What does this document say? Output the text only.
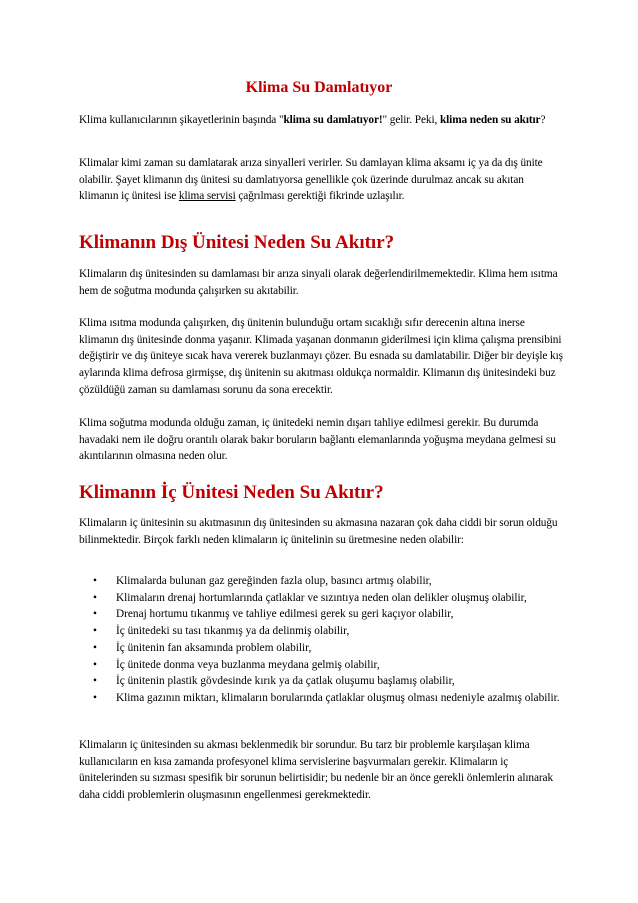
Klima Su Damlatıyor

Klima kullanıcılarının şikayetlerinin başında "klima su damlatıyor!" gelir. Peki, klima neden su akıtır?

Klimalar kimi zaman su damlatarak arıza sinyalleri verirler. Su damlayan klima aksamı iç ya da dış ünite olabilir. Şayet klimanın dış ünitesi su damlatıyorsa genellikle çok üzerinde durulmaz ancak su akıtan klimanın iç ünitesi ise klima servisi çağrılması gerektiği fikrinde uzlaşılır.

Klimanın Dış Ünitesi Neden Su Akıtır?

Klimaların dış ünitesinden su damlaması bir arıza sinyali olarak değerlendirilmemektedir. Klima hem ısıtma hem de soğutma modunda çalışırken su akıtabilir.

Klima ısıtma modunda çalışırken, dış ünitenin bulunduğu ortam sıcaklığı sıfır derecenin altına inerse klimanın dış ünitesinde donma yaşanır. Klimada yaşanan donmanın giderilmesi için klima çalışma prensibini değiştirir ve dış üniteye sıcak hava vererek buzlanmayı çözer. Bu esnada su damlatabilir. Diğer bir deyişle kış aylarında klima defrosa girmişse, dış ünitenin su akıtması oldukça normaldir. Klimanın dış ünitesindeki buz çözüldüğü zaman su damlaması sorunu da sona erecektir.

Klima soğutma modunda olduğu zaman, iç ünitedeki nemin dışarı tahliye edilmesi gerekir. Bu durumda havadaki nem ile doğru orantılı olarak bakır boruların bağlantı elemanlarında yoğuşma meydana gelmesi su akıntılarının olmasına neden olur.

Klimanın İç Ünitesi Neden Su Akıtır?

Klimaların iç ünitesinin su akıtmasının dış ünitesinden su akmasına nazaran çok daha ciddi bir sorun olduğu bilinmektedir. Birçok farklı neden klimaların iç ünitelinin su üretmesine neden olabilir:

• Klimalarda bulunan gaz gereğinden fazla olup, basıncı artmış olabilir,
• Klimaların drenaj hortumlarında çatlaklar ve sızıntıya neden olan delikler oluşmuş olabilir,
• Drenaj hortumu tıkanmış ve tahliye edilmesi gerek su geri kaçıyor olabilir,
• İç ünitedeki su tası tıkanmış ya da delinmiş olabilir,
• İç ünitenin fan aksamında problem olabilir,
• İç ünitede donma veya buzlanma meydana gelmiş olabilir,
• İç ünitenin plastik gövdesinde kırık ya da çatlak oluşumu başlamış olabilir,
• Klima gazının miktarı, klimaların borularında çatlaklar oluşmuş olması nedeniyle azalmış olabilir.

Klimaların iç ünitesinden su akması beklenmedik bir sorundur. Bu tarz bir problemle karşılaşan klima kullanıcıların en kısa zamanda profesyonel klima servislerine başvurmaları gerekir. Klimaların iç ünitelerinden su sızması spesifik bir sorunun belirtisidir; bu nedenle bir an önce gerekli önlemlerin alınarak daha ciddi problemlerin oluşmasının engellenmesi gerekmektedir.
